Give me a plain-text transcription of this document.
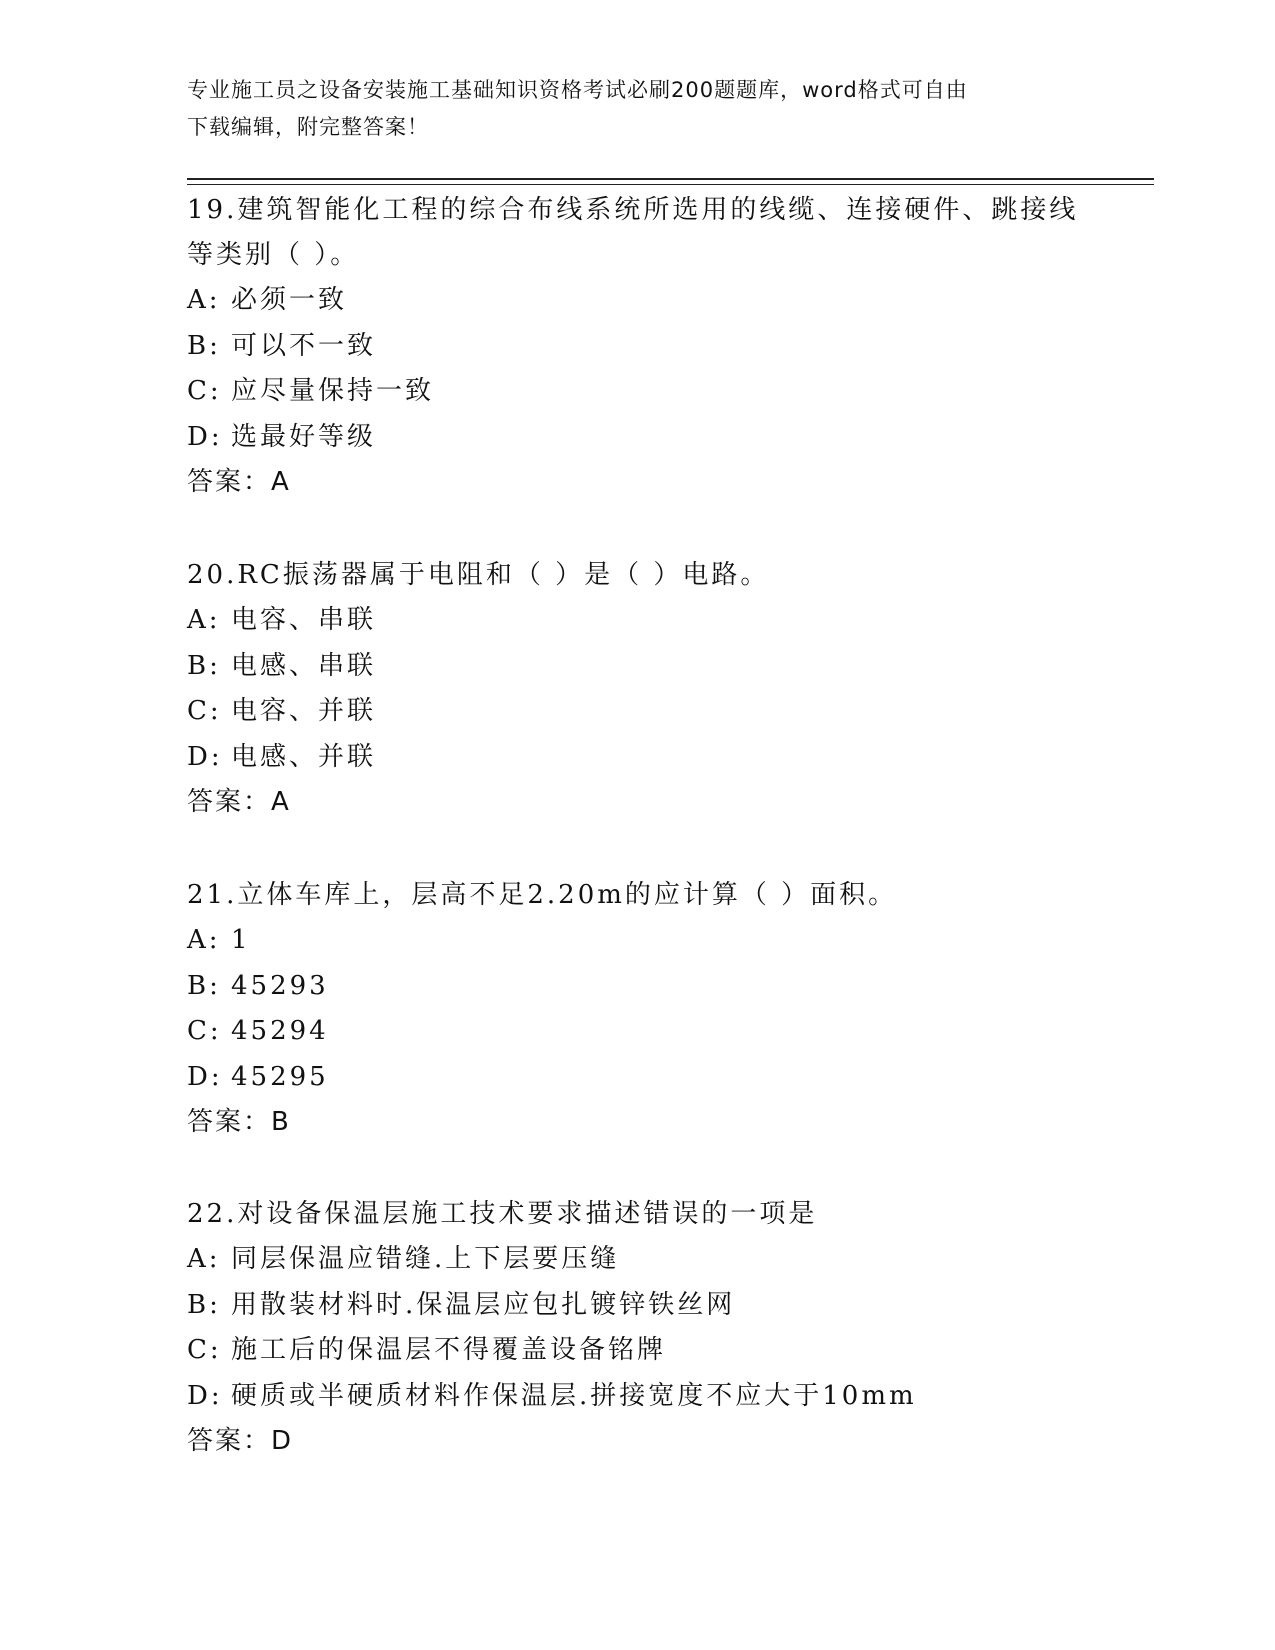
专业施工员之设备安装施工基础知识资格考试必刷200题题库，word格式可自由
下载编辑，附完整答案！
19.建筑智能化工程的综合布线系统所选用的线缆、连接硬件、跳接线
等类别（ ）。
A: 必须一致
B: 可以不一致
C: 应尽量保持一致
D: 选最好等级
答案：A
20.RC振荡器属于电阻和（ ）是（ ）电路。
A: 电容、串联
B: 电感、串联
C: 电容、并联
D: 电感、并联
答案：A
21.立体车库上，层高不足2.20m的应计算（ ）面积。
A: 1
B: 45293
C: 45294
D: 45295
答案：B
22.对设备保温层施工技术要求描述错误的一项是
A: 同层保温应错缝.上下层要压缝
B: 用散装材料时.保温层应包扎镀锌铁丝网
C: 施工后的保温层不得覆盖设备铭牌
D: 硬质或半硬质材料作保温层.拼接宽度不应大于10mm
答案：D
